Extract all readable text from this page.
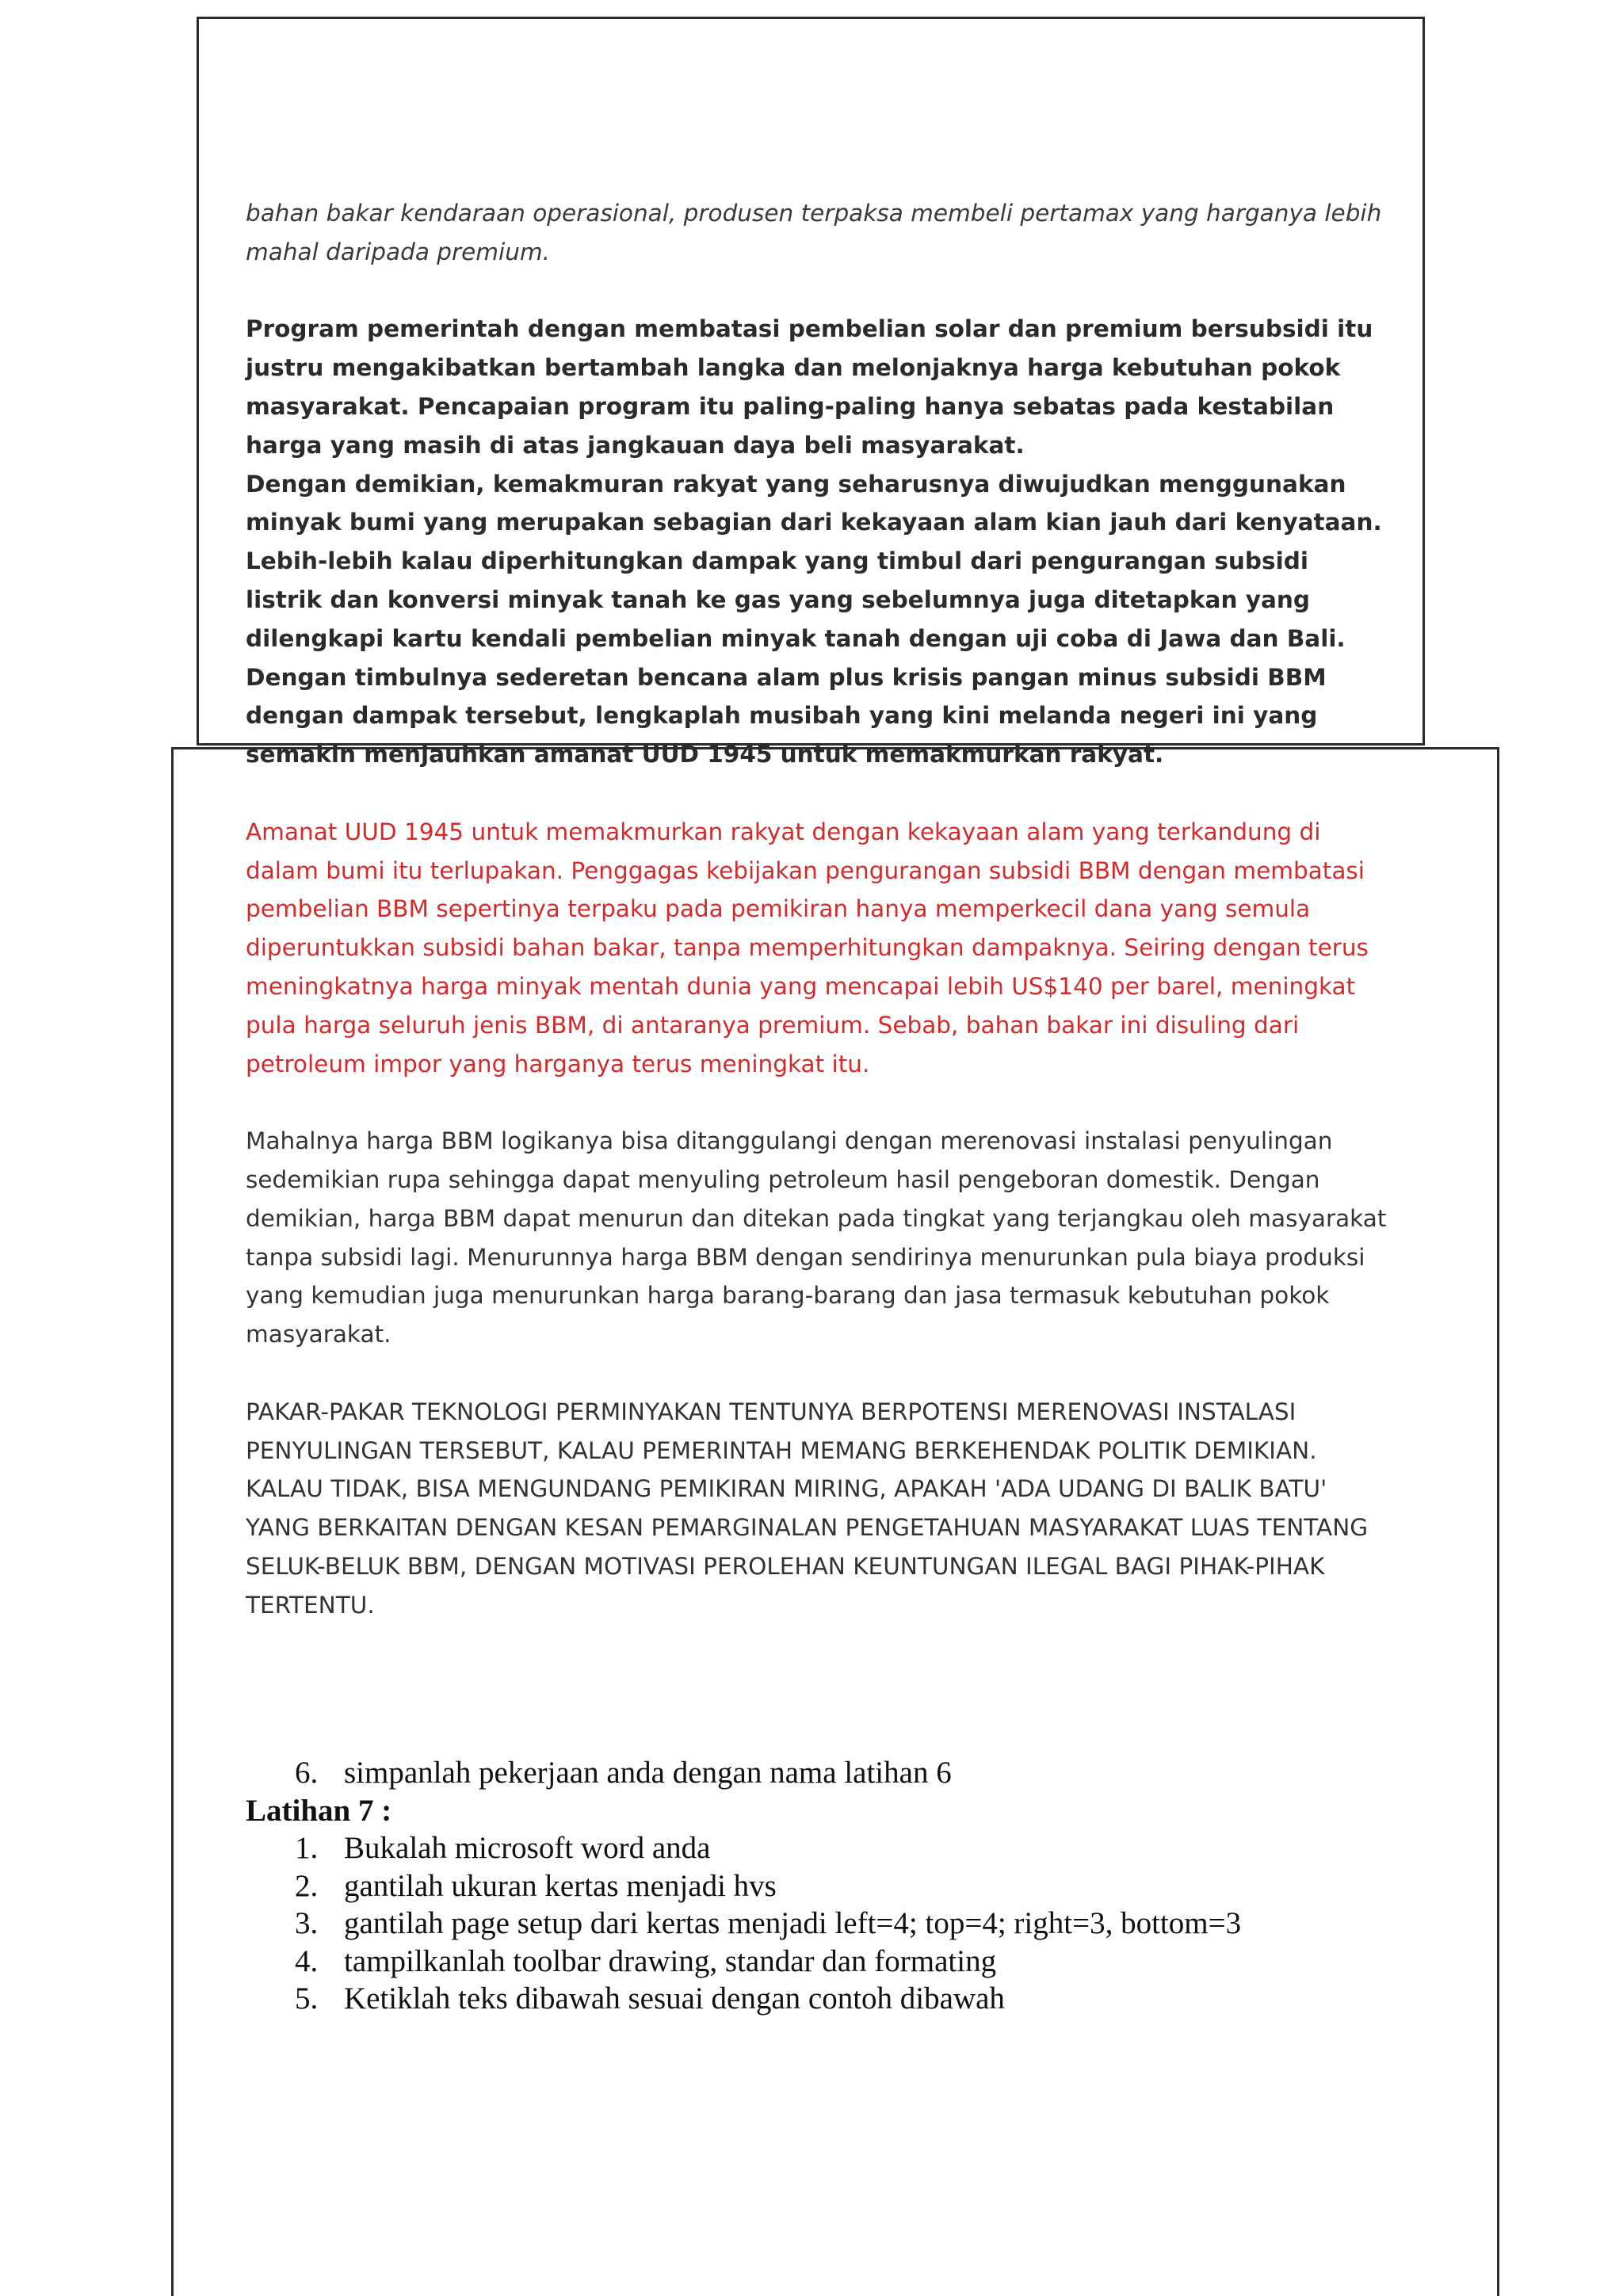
bahan bakar kendaraan operasional, produsen terpaksa membeli pertamax yang harganya lebih mahal daripada premium.

Program pemerintah dengan membatasi pembelian solar dan premium bersubsidi itu justru mengakibatkan bertambah langka dan melonjaknya harga kebutuhan pokok masyarakat. Pencapaian program itu paling-paling hanya sebatas pada kestabilan harga yang masih di atas jangkauan daya beli masyarakat.

Dengan demikian, kemakmuran rakyat yang seharusnya diwujudkan menggunakan minyak bumi yang merupakan sebagian dari kekayaan alam kian jauh dari kenyataan. Lebih-lebih kalau diperhitungkan dampak yang timbul dari pengurangan subsidi listrik dan konversi minyak tanah ke gas yang sebelumnya juga ditetapkan yang dilengkapi kartu kendali pembelian minyak tanah dengan uji coba di Jawa dan Bali.

Dengan timbulnya sederetan bencana alam plus krisis pangan minus subsidi BBM dengan dampak tersebut, lengkaplah musibah yang kini melanda negeri ini yang semakin menjauhkan amanat UUD 1945 untuk memakmurkan rakyat.

Amanat UUD 1945 untuk memakmurkan rakyat dengan kekayaan alam yang terkandung di dalam bumi itu terlupakan. Penggagas kebijakan pengurangan subsidi BBM dengan membatasi pembelian BBM sepertinya terpaku pada pemikiran hanya memperkecil dana yang semula diperuntukkan subsidi bahan bakar, tanpa memperhitungkan dampaknya. Seiring dengan terus meningkatnya harga minyak mentah dunia yang mencapai lebih US$140 per barel, meningkat pula harga seluruh jenis BBM, di antaranya premium. Sebab, bahan bakar ini disuling dari petroleum impor yang harganya terus meningkat itu.

Mahalnya harga BBM logikanya bisa ditanggulangi dengan merenovasi instalasi penyulingan sedemikian rupa sehingga dapat menyuling petroleum hasil pengeboran domestik. Dengan demikian, harga BBM dapat menurun dan ditekan pada tingkat yang terjangkau oleh masyarakat tanpa subsidi lagi. Menurunnya harga BBM dengan sendirinya menurunkan pula biaya produksi yang kemudian juga menurunkan harga barang-barang dan jasa termasuk kebutuhan pokok masyarakat.

PAKAR-PAKAR TEKNOLOGI PERMINYAKAN TENTUNYA BERPOTENSI MERENOVASI INSTALASI PENYULINGAN TERSEBUT, KALAU PEMERINTAH MEMANG BERKEHENDAK POLITIK DEMIKIAN. KALAU TIDAK, BISA MENGUNDANG PEMIKIRAN MIRING, APAKAH 'ADA UDANG DI BALIK BATU' YANG BERKAITAN DENGAN KESAN PEMARGINALAN PENGETAHUAN MASYARAKAT LUAS TENTANG SELUK-BELUK BBM, DENGAN MOTIVASI PEROLEHAN KEUNTUNGAN ILEGAL BAGI PIHAK-PIHAK TERTENTU.

6. simpanlah pekerjaan anda dengan nama latihan 6
Latihan 7 :
1. Bukalah microsoft word anda
2. gantilah ukuran kertas menjadi hvs
3. gantilah page setup dari kertas menjadi left=4; top=4; right=3, bottom=3
4. tampilkanlah toolbar drawing, standar dan formating
5. Ketiklah teks dibawah sesuai dengan contoh dibawah
